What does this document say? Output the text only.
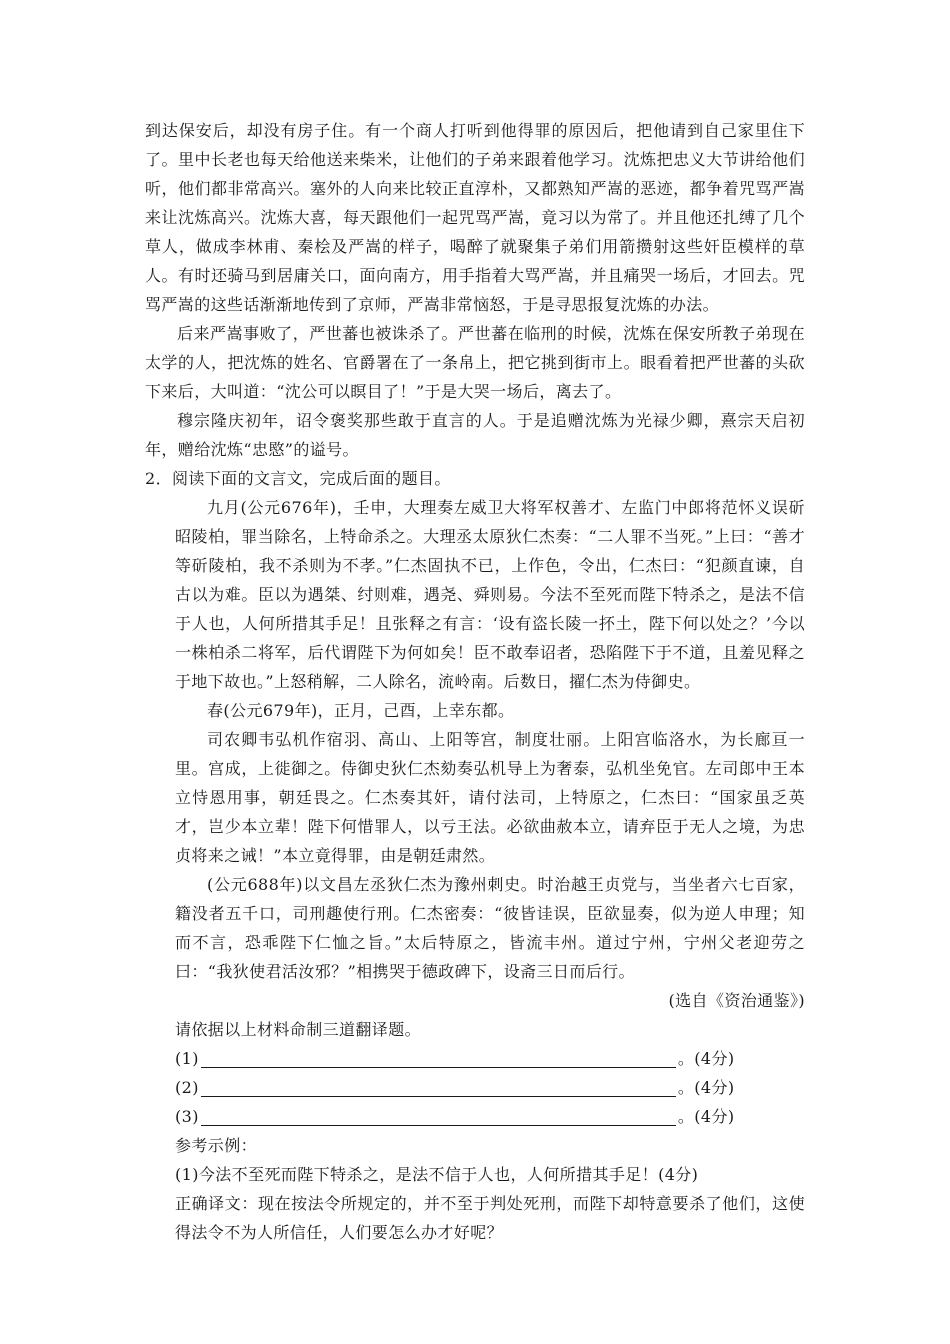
到达保安后，却没有房子住。有一个商人打听到他得罪的原因后，把他请到自己家里住下了。里中长老也每天给他送来柴米，让他们的子弟来跟着他学习。沈炼把忠义大节讲给他们听，他们都非常高兴。塞外的人向来比较正直淳朴，又都熟知严嵩的恶迹，都争着咒骂严嵩来让沈炼高兴。沈炼大喜，每天跟他们一起咒骂严嵩，竟习以为常了。并且他还扎缚了几个草人，做成李林甫、秦桧及严嵩的样子，喝醉了就聚集子弟们用箭攒射这些奸臣模样的草人。有时还骑马到居庸关口，面向南方，用手指着大骂严嵩，并且痛哭一场后，才回去。咒骂严嵩的这些话渐渐地传到了京师，严嵩非常恼怒，于是寻思报复沈炼的办法。

后来严嵩事败了，严世蕃也被诛杀了。严世蕃在临刑的时候，沈炼在保安所教子弟现在太学的人，把沈炼的姓名、官爵署在了一条帛上，把它挑到街市上。眼看着把严世蕃的头砍下来后，大叫道：“沈公可以瞑目了！”于是大哭一场后，离去了。

穆宗隆庆初年，诏令褒奖那些敢于直言的人。于是追赠沈炼为光禄少卿，熹宗天启初年，赠给沈炼“忠愍”的谥号。

2．阅读下面的文言文，完成后面的题目。

九月(公元676年)，壬申，大理奏左威卫大将军权善才、左监门中郎将范怀义误斫昭陵柏，罪当除名，上特命杀之。大理丞太原狄仁杰奏：“二人罪不当死。”上曰：“善才等斫陵柏，我不杀则为不孝。”仁杰固执不已，上作色，令出，仁杰曰：“犯颜直谏，自古以为难。臣以为遇桀、纣则难，遇尧、舜则易。今法不至死而陛下特杀之，是法不信于人也，人何所措其手足！且张释之有言：‘设有盗长陵一抔土，陛下何以处之？’今以一株柏杀二将军，后代谓陛下为何如矣！臣不敢奉诏者，恐陷陛下于不道，且羞见释之于地下故也。”上怒稍解，二人除名，流岭南。后数日，擢仁杰为侍御史。

春(公元679年)，正月，己酉，上幸东都。

司农卿韦弘机作宿羽、高山、上阳等宫，制度壮丽。上阳宫临洛水，为长廊亘一里。宫成，上徙御之。侍御史狄仁杰劾奏弘机导上为奢泰，弘机坐免官。左司郎中王本立恃恩用事，朝廷畏之。仁杰奏其奸，请付法司，上特原之，仁杰曰：“国家虽乏英才，岂少本立辈！陛下何惜罪人，以亏王法。必欲曲赦本立，请弃臣于无人之境，为忠贞将来之诫！”本立竟得罪，由是朝廷肃然。

(公元688年)以文昌左丞狄仁杰为豫州刺史。时治越王贞党与，当坐者六七百家，籍没者五千口，司刑趣使行刑。仁杰密奏：“彼皆诖误，臣欲显奏，似为逆人申理；知而不言，恐乖陛下仁恤之旨。”太后特原之，皆流丰州。道过宁州，宁州父老迎劳之曰：“我狄使君活汝邪？”相携哭于德政碑下，设斋三日而后行。

(选自《资治通鉴》)

请依据以上材料命制三道翻译题。

(1)	。(4分)
(2)	。(4分)
(3)	。(4分)

参考示例：

(1)今法不至死而陛下特杀之，是法不信于人也，人何所措其手足！(4分)

正确译文：现在按法令所规定的，并不至于判处死刑，而陛下却特意要杀了他们，这使得法令不为人所信任，人们要怎么办才好呢？
